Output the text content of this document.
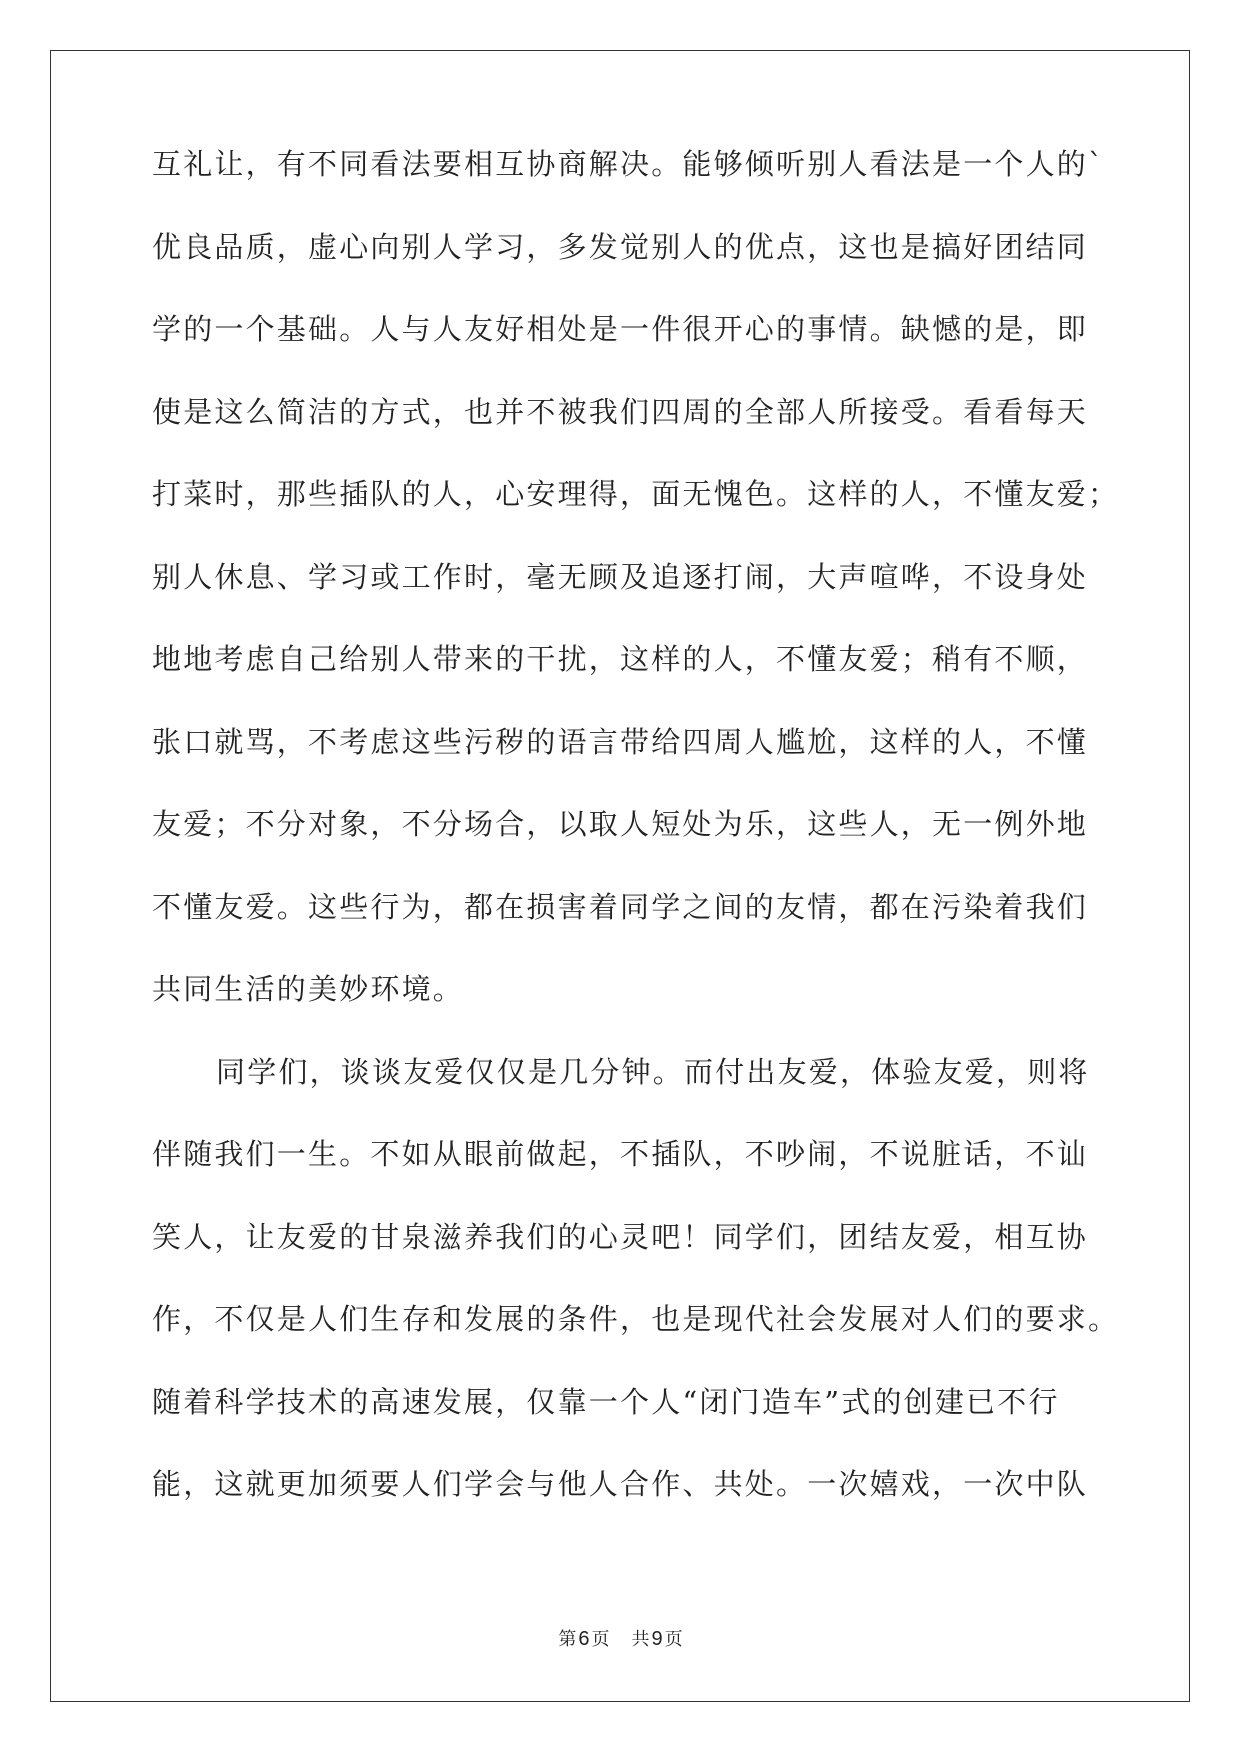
互礼让，有不同看法要相互协商解决。能够倾听别人看法是一个人的`
优良品质，虚心向别人学习，多发觉别人的优点，这也是搞好团结同
学的一个基础。人与人友好相处是一件很开心的事情。缺憾的是，即
使是这么简洁的方式，也并不被我们四周的全部人所接受。看看每天
打菜时，那些插队的人，心安理得，面无愧色。这样的人，不懂友爱；
别人休息、学习或工作时，毫无顾及追逐打闹，大声喧哗，不设身处
地地考虑自己给别人带来的干扰，这样的人，不懂友爱；稍有不顺，
张口就骂，不考虑这些污秽的语言带给四周人尴尬，这样的人，不懂
友爱；不分对象，不分场合，以取人短处为乐，这些人，无一例外地
不懂友爱。这些行为，都在损害着同学之间的友情，都在污染着我们
共同生活的美妙环境。
同学们，谈谈友爱仅仅是几分钟。而付出友爱，体验友爱，则将
伴随我们一生。不如从眼前做起，不插队，不吵闹，不说脏话，不讪
笑人，让友爱的甘泉滋养我们的心灵吧！同学们，团结友爱，相互协
作，不仅是人们生存和发展的条件，也是现代社会发展对人们的要求。
随着科学技术的高速发展，仅靠一个人“闭门造车”式的创建已不行
能，这就更加须要人们学会与他人合作、共处。一次嬉戏，一次中队
第 6 页 共 9 页
